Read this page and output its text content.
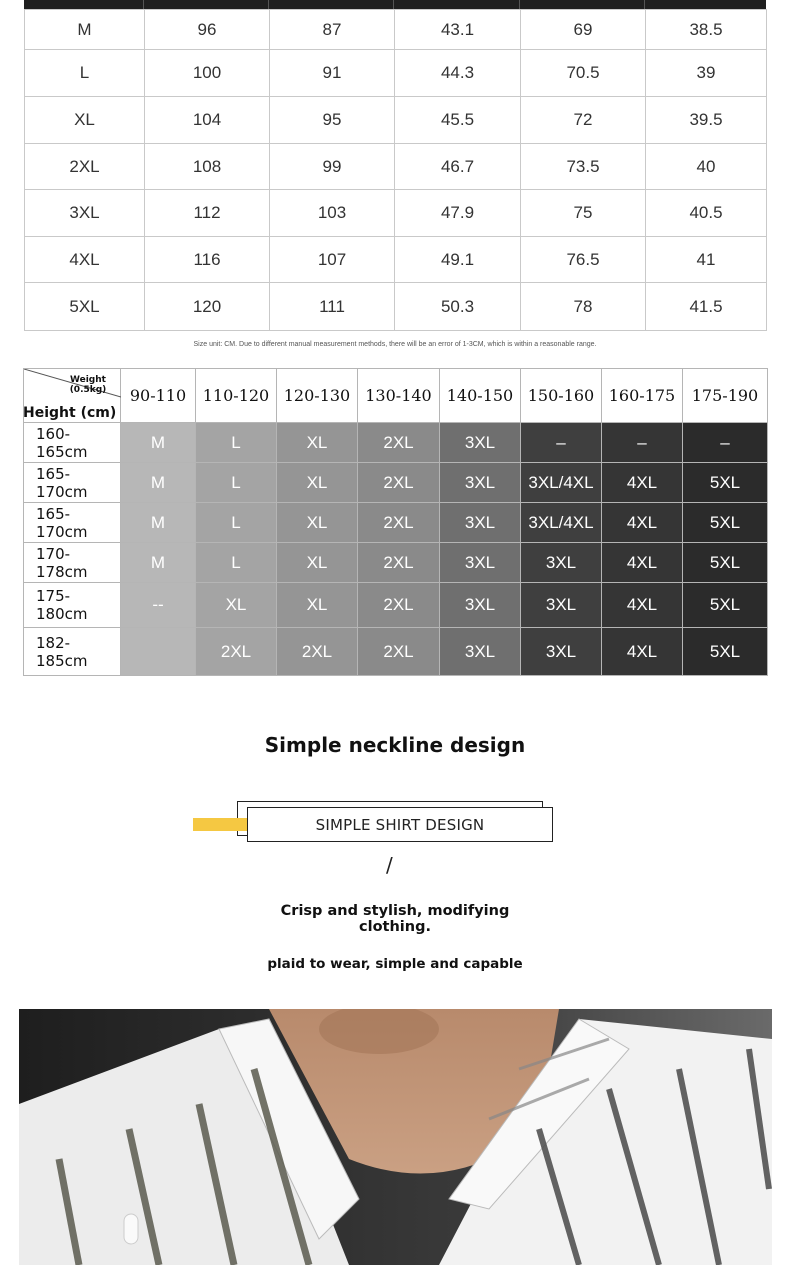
M	96	87	43.1	69	38.5
L	100	91	44.3	70.5	39
XL	104	95	45.5	72	39.5
2XL	108	99	46.7	73.5	40
3XL	112	103	47.9	75	40.5
4XL	116	107	49.1	76.5	41
5XL	120	111	50.3	78	41.5
Size unit: CM. Due to different manual measurement methods, there will be an error of 1-3CM, which is within a reasonable range.
Weight (0.5kg)
Height (cm)	90-110	110-120	120-130	130-140	140-150	150-160	160-175	175-190
160-165cm	M	L	XL	2XL	3XL	–	–	–
165-170cm	M	L	XL	2XL	3XL	3XL/4XL	4XL	5XL
165-170cm	M	L	XL	2XL	3XL	3XL/4XL	4XL	5XL
170-178cm	M	L	XL	2XL	3XL	3XL	4XL	5XL
175-180cm	--	XL	XL	2XL	3XL	3XL	4XL	5XL
182-185cm		2XL	2XL	2XL	3XL	3XL	4XL	5XL
Simple neckline design
SIMPLE SHIRT DESIGN
/
Crisp and stylish, modifying clothing.
plaid to wear, simple and capable
